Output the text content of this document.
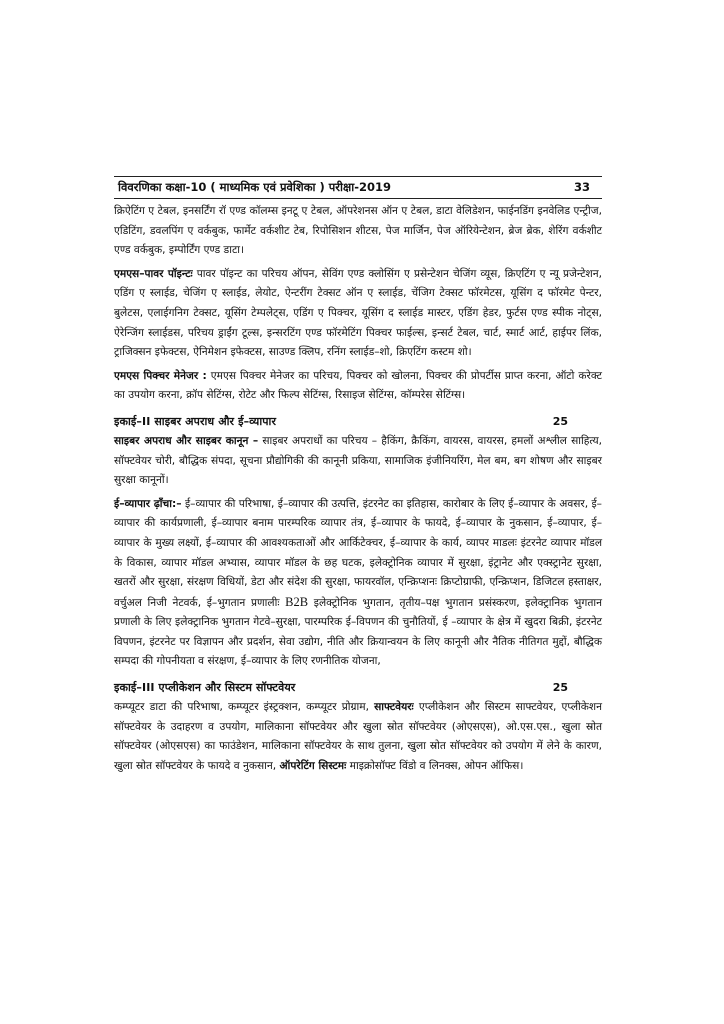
विवरणिका कक्षा-10 ( माध्यमिक एवं प्रवेशिका ) परीक्षा-2019	33

क्रिऐटिंग ए टेबल, इनसर्टिंग रॉ एण्ड कॉलम्स इनटू ए टेबल, ऑपरेशनस ऑन ए टेबल, डाटा वेलिडेशन, फाईनडिंग इनवेलिड एन्ट्रीज, एडिटिंग, डवलपिंग ए वर्कबुक, फार्मेट वर्कशीट टेब, रिपोसिशन शीटस, पेज मार्जिन, पेज ऑरियेन्टेशन, ब्रेज ब्रेक, शेरिंग वर्कशीट एण्ड वर्कबुक, इम्पोर्टिंग एण्ड डाटा।

एमएस–पावर पॉइन्टः पावर पॉइन्ट का परिचय ऑपन, सेविंग एण्ड क्लोसिंग ए प्रसेन्टेशन चेजिंग व्यूस, क्रिएटिंग ए न्यू प्रजेन्टेशन, एडिंग ए स्लाईड, चेजिंग ए स्लाईड, लेयोट, ऐन्टरींग टेक्सट ऑन ए स्लाईड, चेंजिग टेक्सट फॉरमेटस, यूसिंग द फॉरमेट पेन्टर, बुलेटस, एलाईगनिग टेक्सट, यूसिंग टेम्पलेट्स, एडिंग ए पिक्चर, यूसिंग द स्लाईड मास्टर, एडिंग हेडर, फुर्टस एण्ड स्पीक नोट्स, ऐरेन्जिंग स्लाईडस, परिचय ड्राईंग टूल्स, इन्सरटिंग एण्ड फॉरमेटिंग पिक्चर फाईल्स, इन्सर्ट टेबल, चार्ट, स्मार्ट आर्ट, हाईपर लिंक, ट्राजिक्सन इफेक्टस, ऐनिमेशन इफेक्टस, साउण्ड क्लिप, रनिंग स्लाईड–शो, क्रिएटिंग कस्टम शो।

एमएस पिक्चर मेनेजर : एमएस पिक्चर मेनेजर का परिचय, पिक्चर को खोलना, पिक्चर की प्रोपर्टीस प्राप्त करना, ऑटो करेक्ट का उपयोग करना, क्रॉप सेटिंग्स, रोटेट और फिल्प सेटिंग्स, रिसाइज सेटिंग्स, कॉम्परेस सेटिंग्स।

इकाई–II साइबर अपराध और ई–व्यापार	25

साइबर अपराध और साइबर कानून – साइबर अपराधों का परिचय – हैकिंग, क्रैकिंग, वायरस, वायरस, हमलों अश्लील साहित्य, सॉफ्टवेयर चोरी, बौद्धिक संपदा, सूचना प्रौद्योगिकी की कानूनी प्रकिया, सामाजिक इंजीनियरिंग, मेल बम, बग शोषण और साइबर सुरक्षा कानूनों।

ई–व्यापार ढ़ाँचा:– ई–व्यापार की परिभाषा, ई–व्यापार की उत्पत्ति, इंटरनेट का इतिहास, कारोबार के लिए ई–व्यापार के अवसर, ई–व्यापार की कार्यप्रणाली, ई–व्यापार बनाम पारम्परिक व्यापार तंत्र, ई–व्यापार के फायदे, ई–व्यापार के नुकसान, ई–व्यापार, ई–व्यापार के मुख्य लक्ष्यों, ई–व्यापार की आवश्यकताओं और आर्किटेक्चर, ई–व्यापार के कार्य, व्यापर माडलः इंटरनेट व्यापार मॉडल के विकास, व्यापार मॉडल अभ्यास, व्यापार मॉडल के छह घटक, इलेक्ट्रोनिक व्यापार में सुरक्षा, इंट्रानेट और एक्स्ट्रानेट सुरक्षा, खतरों और सुरक्षा, संरक्षण विधियों, डेटा और संदेश की सुरक्षा, फायरवॉल, एन्क्रिप्शनः क्रिप्टोग्राफी, एन्क्रिप्शन, डिजिटल हस्ताक्षर, वर्चुअल निजी नेटवर्क, ई–भुगतान प्रणालीः B2B इलेक्ट्रोनिक भुगतान, तृतीय–पक्ष भुगतान प्रसंस्करण, इलेक्ट्रानिक भुगतान प्रणाली के लिए इलेक्ट्रानिक भुगतान गेटवे–सुरक्षा, पारम्परिक ई–विपणन की चुनौतियों, ई –व्यापार के क्षेत्र में खुदरा बिक्री, इंटरनेट विपणन, इंटरनेट पर विज्ञापन और प्रदर्शन, सेवा उद्योग, नीति और क्रियान्वयन के लिए कानूनी और नैतिक नीतिगत मुद्दों, बौद्धिक सम्पदा की गोपनीयता व संरक्षण, ई–व्यापार के लिए रणनीतिक योजना,

इकाई–III एप्लीकेशन और सिस्टम सॉफ्टवेयर	25

कम्प्यूटर डाटा की परिभाषा, कम्प्यूटर इंस्ट्रक्शन, कम्प्यूटर प्रोग्राम, साफ्टवेयरः एप्लीकेशन और सिस्टम साफ्टवेयर, एप्लीकेशन सॉफ्टवेयर के उदाहरण व उपयोग, मालिकाना सॉफ्टवेयर और खुला स्रोत सॉफ्टवेयर (ओएसएस), ओ.एस.एस., खुला स्रोत सॉफ्टवेयर (ओएसएस) का फाउंडेशन, मालिकाना सॉफ्टवेयर के साथ तुलना, खुला स्रोत सॉफ्टवेयर को उपयोग में लेने के कारण, खुला स्रोत सॉफ्टवेयर के फायदे व नुकसान, ऑपरेटिंग सिस्टमः माइक्रोसॉफ्ट विंडो व लिनक्स, ओपन ऑफिस।
